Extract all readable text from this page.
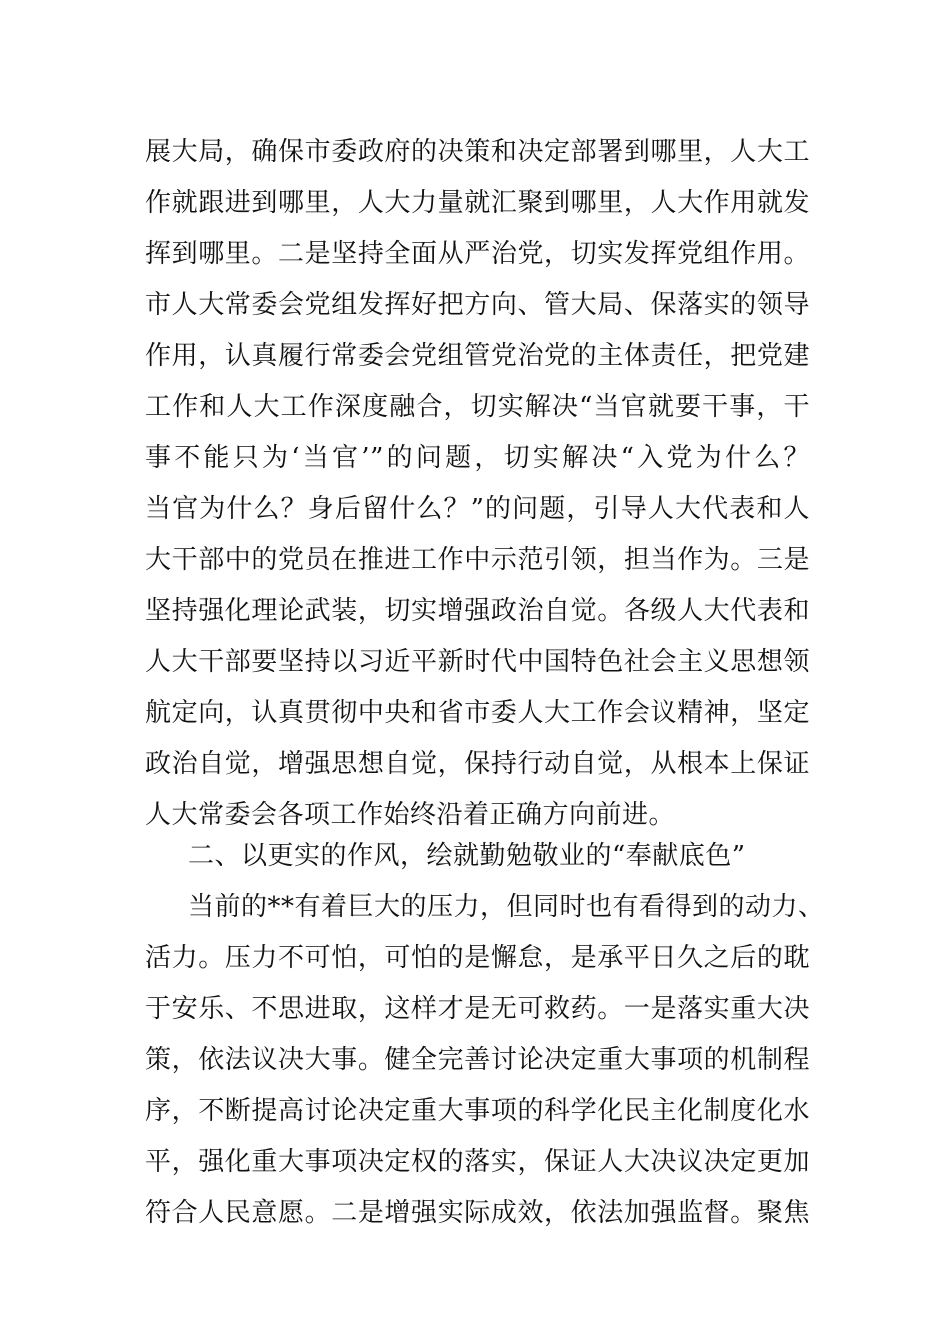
展大局，确保市委政府的决策和决定部署到哪里，人大工
作就跟进到哪里，人大力量就汇聚到哪里，人大作用就发
挥到哪里。二是坚持全面从严治党，切实发挥党组作用。
市人大常委会党组发挥好把方向、管大局、保落实的领导
作用，认真履行常委会党组管党治党的主体责任，把党建
工作和人大工作深度融合，切实解决“当官就要干事，干
事不能只为‘当官’”的问题，切实解决“入党为什么？
当官为什么？身后留什么？”的问题，引导人大代表和人
大干部中的党员在推进工作中示范引领，担当作为。三是
坚持强化理论武装，切实增强政治自觉。各级人大代表和
人大干部要坚持以习近平新时代中国特色社会主义思想领
航定向，认真贯彻中央和省市委人大工作会议精神，坚定
政治自觉，增强思想自觉，保持行动自觉，从根本上保证
人大常委会各项工作始终沿着正确方向前进。
二、以更实的作风，绘就勤勉敬业的“奉献底色”
当前的**有着巨大的压力，但同时也有看得到的动力、
活力。压力不可怕，可怕的是懈怠，是承平日久之后的耽
于安乐、不思进取，这样才是无可救药。一是落实重大决
策，依法议决大事。健全完善讨论决定重大事项的机制程
序，不断提高讨论决定重大事项的科学化民主化制度化水
平，强化重大事项决定权的落实，保证人大决议决定更加
符合人民意愿。二是增强实际成效，依法加强监督。聚焦
